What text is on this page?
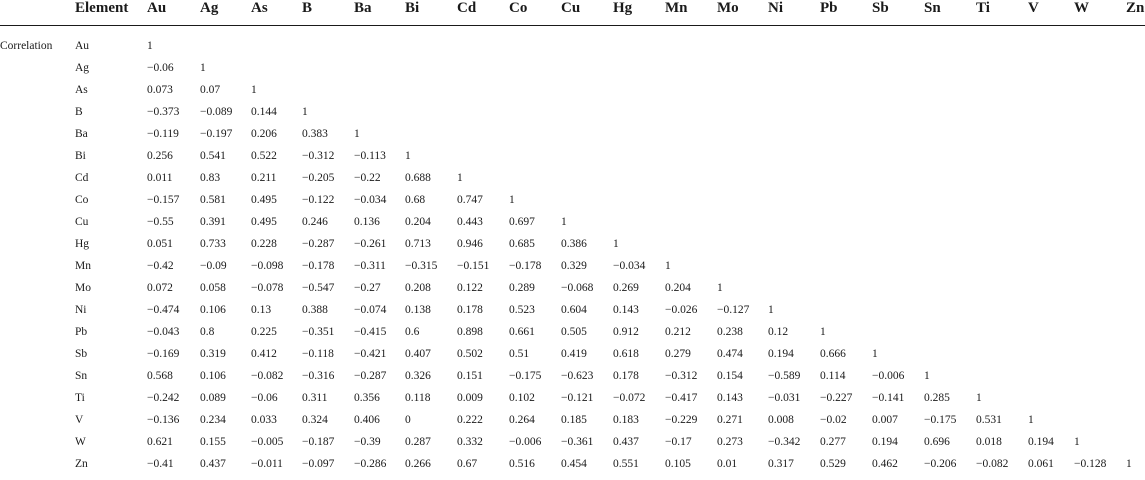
Element Au Ag As B	Ba Bi	Cd Co Cu Hg Mn Mo Ni Pb Sb Sn Ti	V W Zn
Correlation Au	1
Ag	−0.06 1
As	0.073 0.07	1
B	−0.373 −0.089 0.144 1
Ba	−0.119 −0.197 0.206 0.383 1
Bi	0.256 0.541 0.522 −0.312 −0.113 1
Cd	0.011 0.83	0.211 −0.205 −0.22 0.688 1
Co	−0.157 0.581 0.495 −0.122 −0.034 0.68	0.747 1
Cu	−0.55 0.391 0.495 0.246 0.136 0.204 0.443 0.697 1
Hg	0.051 0.733 0.228 −0.287 −0.261 0.713 0.946 0.685 0.386 1
Mn	−0.42 −0.09 −0.098 −0.178 −0.311 −0.315 −0.151 −0.178 0.329 −0.034 1
Mo	0.072 0.058 −0.078 −0.547 −0.27 0.208 0.122 0.289 −0.068 0.269 0.204 1
Ni	−0.474 0.106 0.13	0.388 −0.074 0.138 0.178 0.523 0.604 0.143 −0.026 −0.127 1
Pb	−0.043 0.8	0.225 −0.351 −0.415 0.6	0.898 0.661 0.505 0.912 0.212 0.238 0.12	1
Sb	−0.169 0.319 0.412 −0.118 −0.421 0.407 0.502 0.51	0.419 0.618 0.279 0.474 0.194 0.666 1
Sn	0.568 0.106 −0.082 −0.316 −0.287 0.326 0.151 −0.175 −0.623 0.178 −0.312 0.154 −0.589 0.114 −0.006 1
Ti	−0.242 0.089 −0.06 0.311 0.356 0.118 0.009 0.102 −0.121 −0.072 −0.417 0.143 −0.031 −0.227 −0.141 0.285 1
V	−0.136 0.234 0.033 0.324 0.406 0	0.222 0.264 0.185 0.183 −0.229 0.271 0.008 −0.02 0.007 −0.175 0.531 1
W	0.621 0.155 −0.005 −0.187 −0.39 0.287 0.332 −0.006 −0.361 0.437 −0.17 0.273 −0.342 0.277 0.194 0.696 0.018 0.194 1
Zn	−0.41 0.437 −0.011 −0.097 −0.286 0.266 0.67	0.516 0.454 0.551 0.105 0.01	0.317 0.529 0.462 −0.206 −0.082 0.061 −0.128 1
